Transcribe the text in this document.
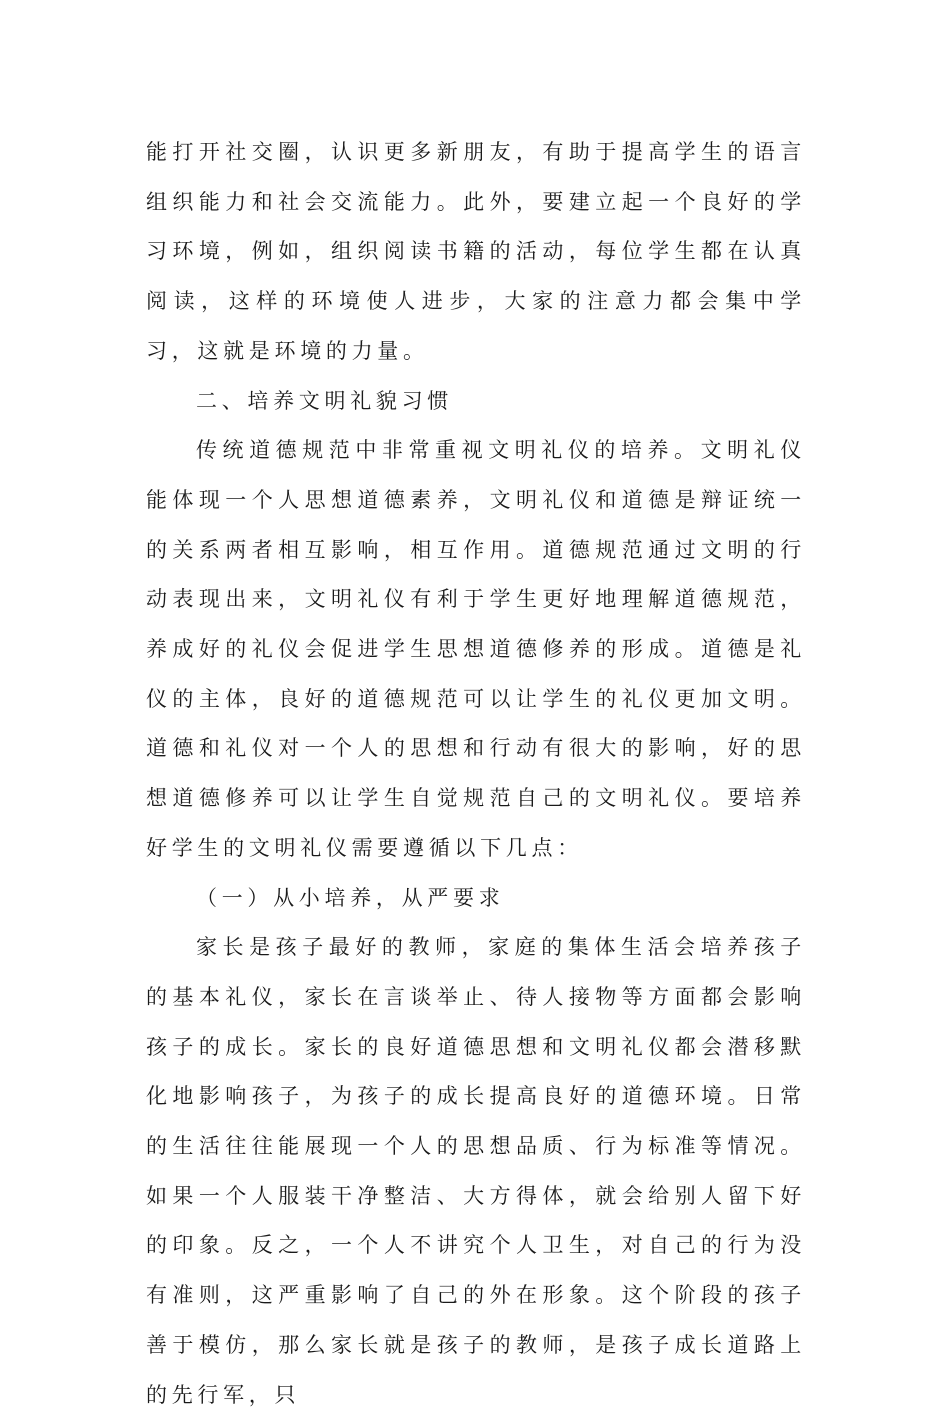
能打开社交圈，认识更多新朋友，有助于提高学生的语言组织能力和社会交流能力。此外，要建立起一个良好的学习环境，例如，组织阅读书籍的活动，每位学生都在认真阅读，这样的环境使人进步，大家的注意力都会集中学习，这就是环境的力量。

二、培养文明礼貌习惯

传统道德规范中非常重视文明礼仪的培养。文明礼仪能体现一个人思想道德素养，文明礼仪和道德是辩证统一的关系两者相互影响，相互作用。道德规范通过文明的行动表现出来，文明礼仪有利于学生更好地理解道德规范，养成好的礼仪会促进学生思想道德修养的形成。道德是礼仪的主体，良好的道德规范可以让学生的礼仪更加文明。道德和礼仪对一个人的思想和行动有很大的影响，好的思想道德修养可以让学生自觉规范自己的文明礼仪。要培养好学生的文明礼仪需要遵循以下几点：

（一）从小培养，从严要求

家长是孩子最好的教师，家庭的集体生活会培养孩子的基本礼仪，家长在言谈举止、待人接物等方面都会影响孩子的成长。家长的良好道德思想和文明礼仪都会潜移默化地影响孩子，为孩子的成长提高良好的道德环境。日常的生活往往能展现一个人的思想品质、行为标准等情况。如果一个人服装干净整洁、大方得体，就会给别人留下好的印象。反之，一个人不讲究个人卫生，对自己的行为没有准则，这严重影响了自己的外在形象。这个阶段的孩子善于模仿，那么家长就是孩子的教师，是孩子成长道路上的先行军，只
